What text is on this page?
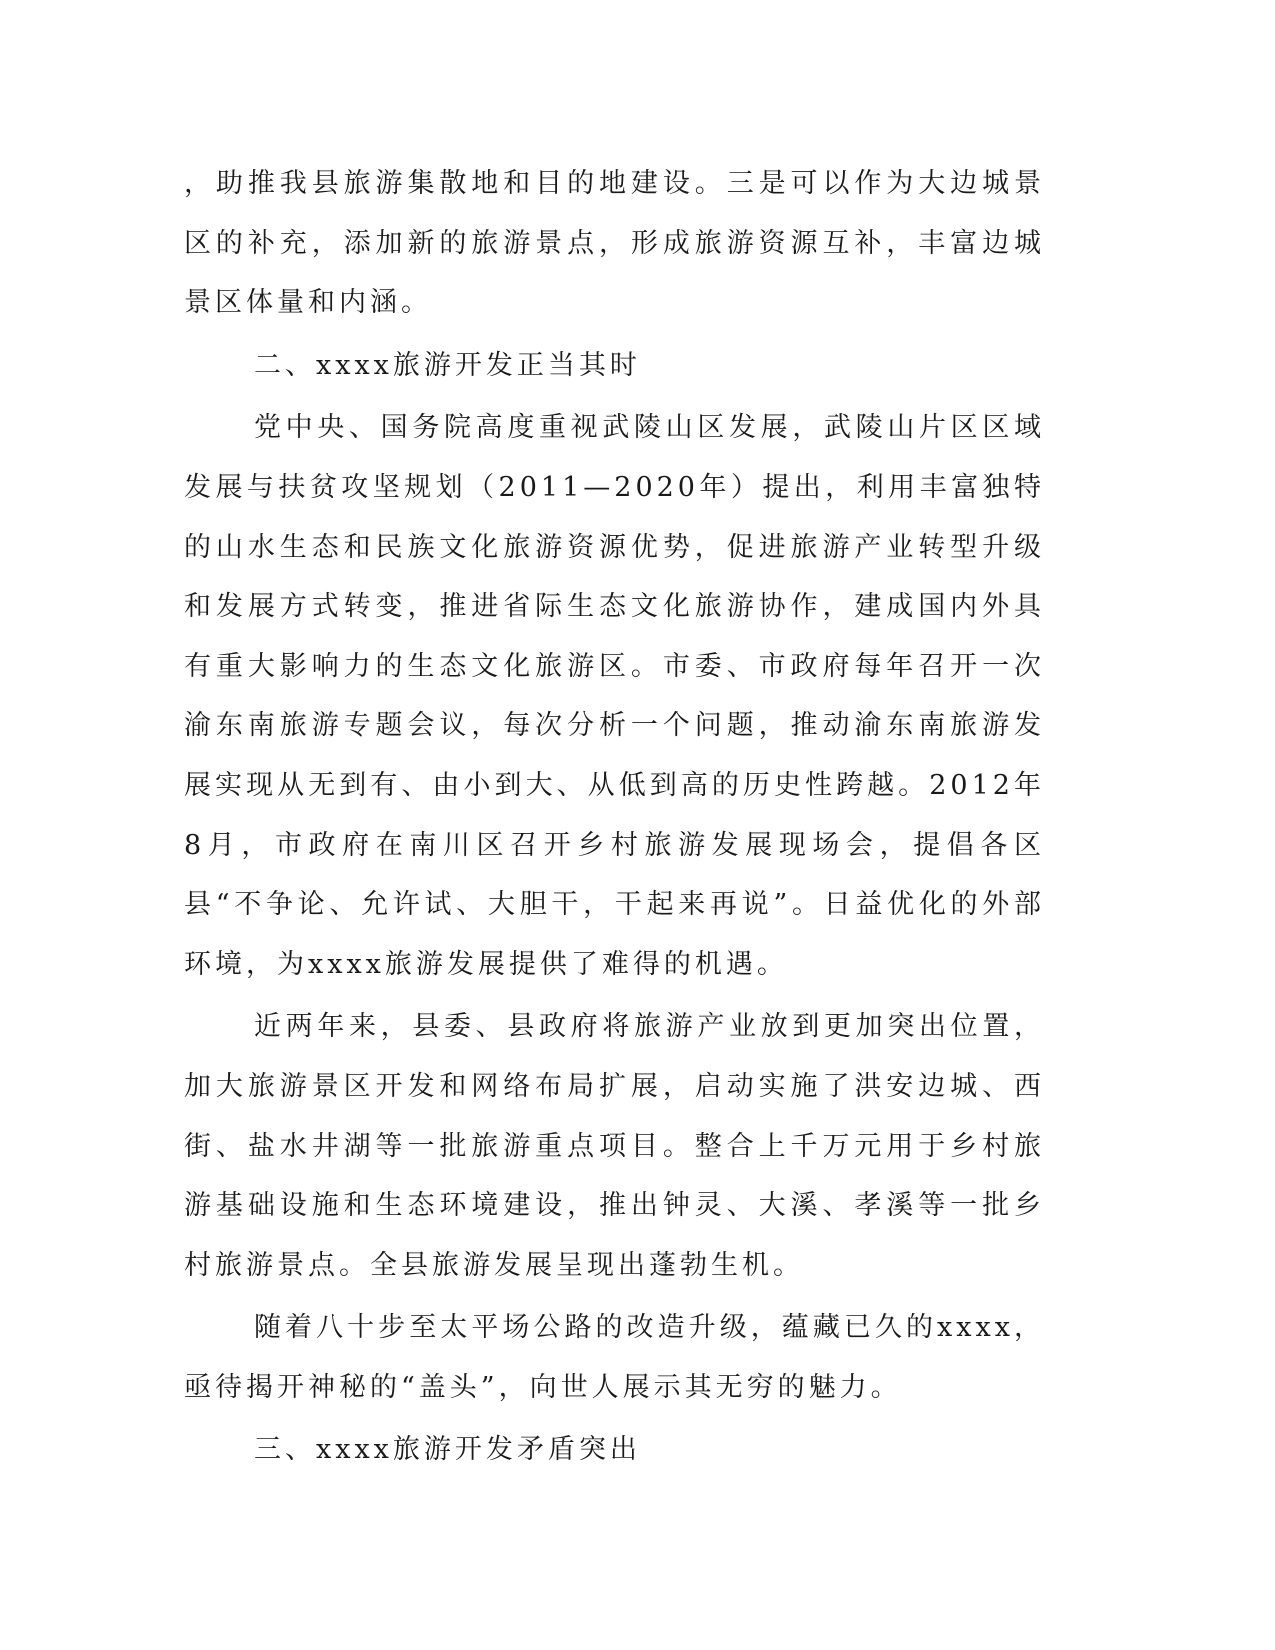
，助推我县旅游集散地和目的地建设。三是可以作为大边城景区的补充，添加新的旅游景点，形成旅游资源互补，丰富边城景区体量和内涵。

二、xxxx旅游开发正当其时

党中央、国务院高度重视武陵山区发展，武陵山片区区域发展与扶贫攻坚规划（2011—2020年）提出，利用丰富独特的山水生态和民族文化旅游资源优势，促进旅游产业转型升级和发展方式转变，推进省际生态文化旅游协作，建成国内外具有重大影响力的生态文化旅游区。市委、市政府每年召开一次渝东南旅游专题会议，每次分析一个问题，推动渝东南旅游发展实现从无到有、由小到大、从低到高的历史性跨越。2012年8月，市政府在南川区召开乡村旅游发展现场会，提倡各区县“不争论、允许试、大胆干，干起来再说”。日益优化的外部环境，为xxxx旅游发展提供了难得的机遇。

近两年来，县委、县政府将旅游产业放到更加突出位置，加大旅游景区开发和网络布局扩展，启动实施了洪安边城、西街、盐水井湖等一批旅游重点项目。整合上千万元用于乡村旅游基础设施和生态环境建设，推出钟灵、大溪、孝溪等一批乡村旅游景点。全县旅游发展呈现出蓬勃生机。

随着八十步至太平场公路的改造升级，蕴藏已久的xxxx，亟待揭开神秘的“盖头”，向世人展示其无穷的魅力。

三、xxxx旅游开发矛盾突出
